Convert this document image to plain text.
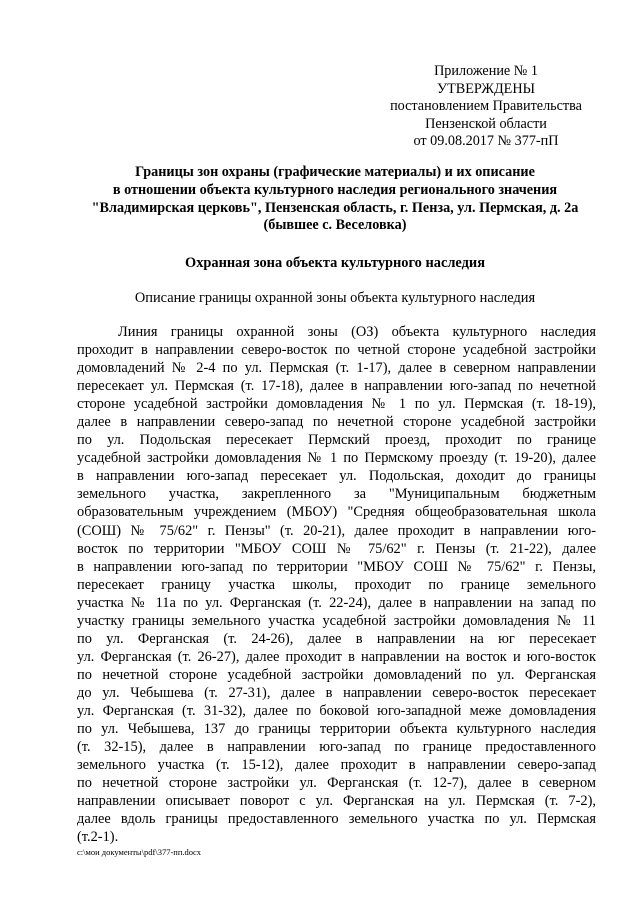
Приложение № 1
УТВЕРЖДЕНЫ
постановлением Правительства
Пензенской области
от 09.08.2017 № 377-пП
Границы зон охраны (графические материалы) и их описание
в отношении объекта культурного наследия регионального значения
"Владимирская церковь", Пензенская область, г. Пенза, ул. Пермская, д. 2а
(бывшее с. Веселовка)
Охранная зона объекта культурного наследия
Описание границы охранной зоны объекта культурного наследия
Линия границы охранной зоны (ОЗ) объекта культурного наследия
проходит в направлении северо-восток по четной стороне усадебной застройки
домовладений № 2-4 по ул. Пермская (т. 1-17), далее в северном направлении
пересекает ул. Пермская (т. 17-18), далее в направлении юго-запад по нечетной
стороне усадебной застройки домовладения № 1 по ул. Пермская (т. 18-19),
далее в направлении северо-запад по нечетной стороне усадебной застройки
по ул. Подольская пересекает Пермский проезд, проходит по границе
усадебной застройки домовладения № 1 по Пермскому проезду (т. 19-20), далее
в направлении юго-запад пересекает ул. Подольская, доходит до границы
земельного участка, закрепленного за "Муниципальным бюджетным
образовательным учреждением (МБОУ) "Средняя общеобразовательная школа
(СОШ) № 75/62" г. Пензы" (т. 20-21), далее проходит в направлении юго-
восток по территории "МБОУ СОШ № 75/62" г. Пензы (т. 21-22), далее
в направлении юго-запад по территории "МБОУ СОШ № 75/62" г. Пензы,
пересекает границу участка школы, проходит по границе земельного
участка № 11а по ул. Ферганская (т. 22-24), далее в направлении на запад по
участку границы земельного участка усадебной застройки домовладения № 11
по ул. Ферганская (т. 24-26), далее в направлении на юг пересекает
ул. Ферганская (т. 26-27), далее проходит в направлении на восток и юго-восток
по нечетной стороне усадебной застройки домовладений по ул. Ферганская
до ул. Чебышева (т. 27-31), далее в направлении северо-восток пересекает
ул. Ферганская (т. 31-32), далее по боковой юго-западной меже домовладения
по ул. Чебышева, 137 до границы территории объекта культурного наследия
(т. 32-15), далее в направлении юго-запад по границе предоставленного
земельного участка (т. 15-12), далее проходит в направлении северо-запад
по нечетной стороне застройки ул. Ферганская (т. 12-7), далее в северном
направлении описывает поворот с ул. Ферганская на ул. Пермская (т. 7-2),
далее вдоль границы предоставленного земельного участка по ул. Пермская
(т.2-1).
с:\мои документы\pdf\377-пп.docx
